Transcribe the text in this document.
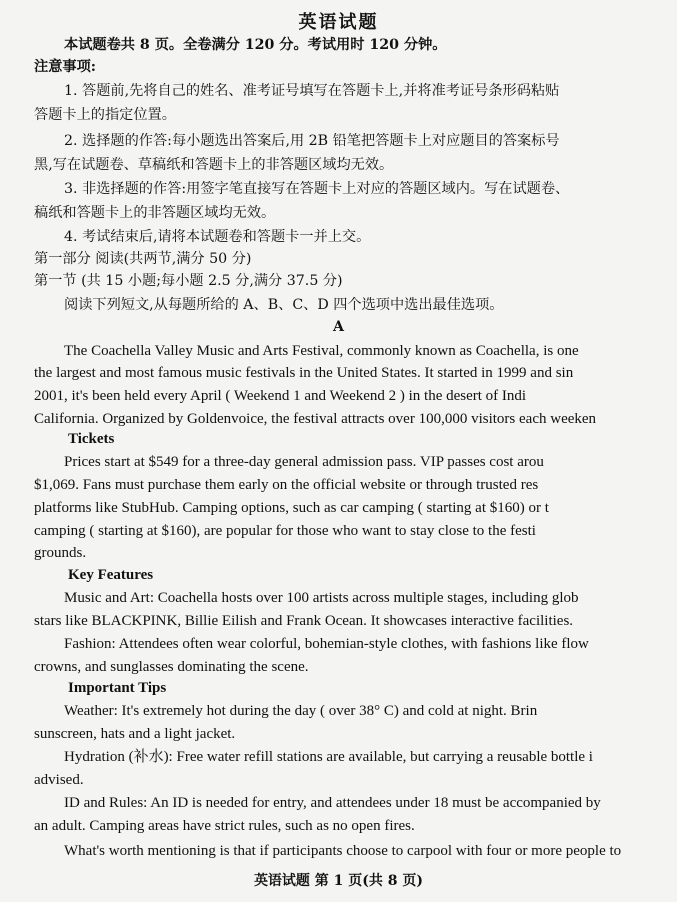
英语试题
本试题卷共 8 页。全卷满分 120 分。考试用时 120 分钟。
注意事项:
1. 答题前,先将自己的姓名、准考证号填写在答题卡上,并将准考证号条形码粘贴
答题卡上的指定位置。
2. 选择题的作答:每小题选出答案后,用 2B 铅笔把答题卡上对应题目的答案标号
黑,写在试题卷、草稿纸和答题卡上的非答题区域均无效。
3. 非选择题的作答:用签字笔直接写在答题卡上对应的答题区域内。写在试题卷、
稿纸和答题卡上的非答题区域均无效。
4. 考试结束后,请将本试题卷和答题卡一并上交。
第一部分 阅读(共两节,满分 50 分)
第一节 (共 15 小题;每小题 2.5 分,满分 37.5 分)
阅读下列短文,从每题所给的 A、B、C、D 四个选项中选出最佳选项。
A
The Coachella Valley Music and Arts Festival, commonly known as Coachella, is one
the largest and most famous music festivals in the United States. It started in 1999 and sin
2001, it's been held every April ( Weekend 1 and Weekend 2 ) in the desert of Indi
California. Organized by Goldenvoice, the festival attracts over 100,000 visitors each weeken
Tickets
Prices start at $549 for a three-day general admission pass. VIP passes cost arou
$1,069. Fans must purchase them early on the official website or through trusted res
platforms like StubHub. Camping options, such as car camping ( starting at $160) or t
camping ( starting at $160), are popular for those who want to stay close to the festi
grounds.
Key Features
Music and Art: Coachella hosts over 100 artists across multiple stages, including glob
stars like BLACKPINK, Billie Eilish and Frank Ocean. It showcases interactive facilities.
Fashion: Attendees often wear colorful, bohemian-style clothes, with fashions like flow
crowns, and sunglasses dominating the scene.
Important Tips
Weather: It's extremely hot during the day ( over 38° C) and cold at night. Brin
sunscreen, hats and a light jacket.
Hydration (补水): Free water refill stations are available, but carrying a reusable bottle i
advised.
ID and Rules: An ID is needed for entry, and attendees under 18 must be accompanied by
an adult. Camping areas have strict rules, such as no open fires.
What's worth mentioning is that if participants choose to carpool with four or more people to
英语试题 第 1 页(共 8 页)
